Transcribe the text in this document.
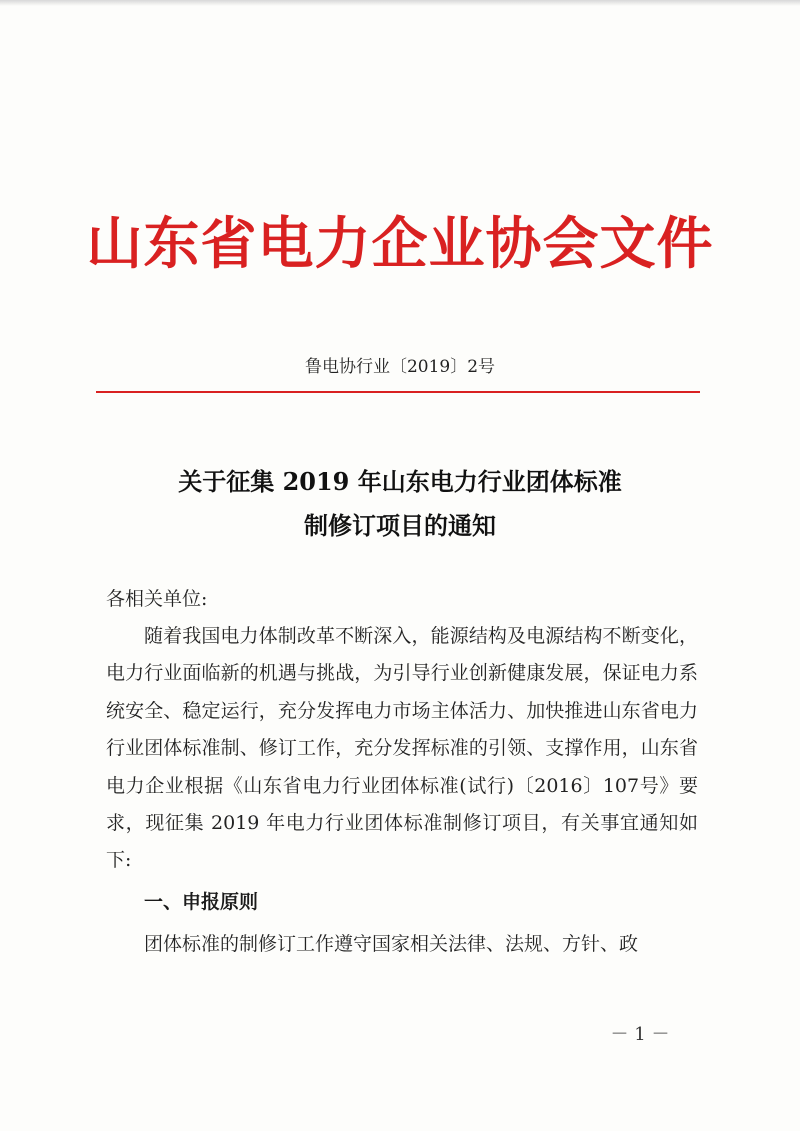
山东省电力企业协会文件
鲁电协行业〔2019〕2号
关于征集 2019 年山东电力行业团体标准
制修订项目的通知
各相关单位:
随着我国电力体制改革不断深入，能源结构及电源结构不断变化，电力行业面临新的机遇与挑战，为引导行业创新健康发展，保证电力系统安全、稳定运行，充分发挥电力市场主体活力、加快推进山东省电力行业团体标准制、修订工作，充分发挥标准的引领、支撑作用，山东省电力企业根据《山东省电力行业团体标准(试行)〔2016〕107号》要求，现征集 2019 年电力行业团体标准制修订项目，有关事宜通知如下:
一、申报原则
团体标准的制修订工作遵守国家相关法律、法规、方针、政
－ 1 －
